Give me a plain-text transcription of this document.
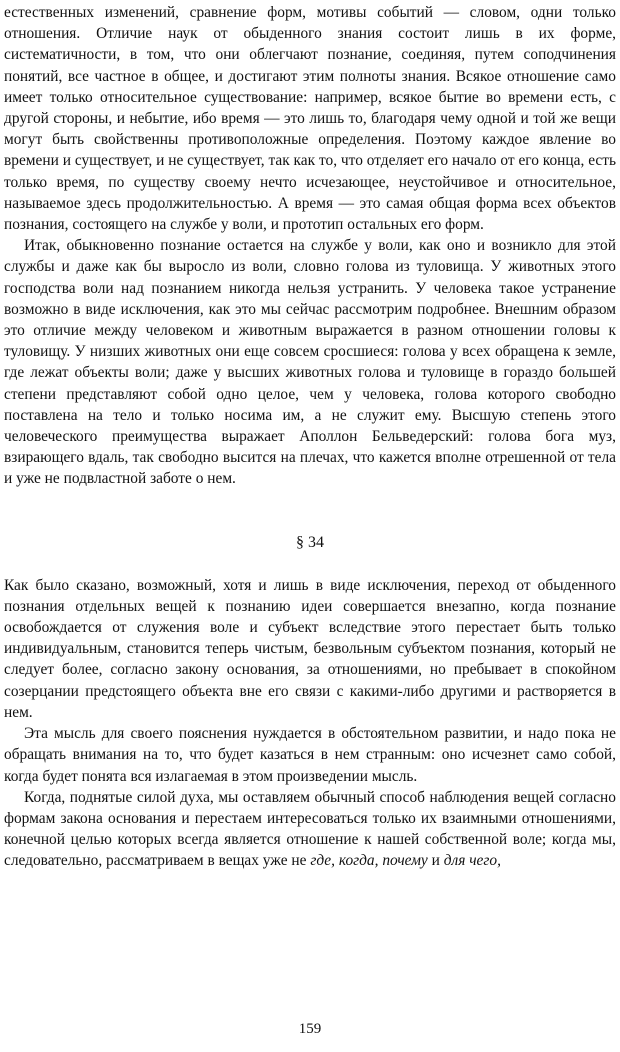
естественных изменений, сравнение форм, мотивы событий — словом, одни только отношения. Отличие наук от обыденного знания состоит лишь в их форме, систематичности, в том, что они облегчают познание, соединяя, путем соподчинения понятий, все частное в общее, и достигают этим полноты знания. Всякое отношение само имеет только относительное существование: например, всякое бытие во времени есть, с другой стороны, и небытие, ибо время — это лишь то, благодаря чему одной и той же вещи могут быть свойственны противоположные определения. Поэтому каждое явление во времени и существует, и не существует, так как то, что отделяет его начало от его конца, есть только время, по существу своему нечто исчезающее, неустойчивое и относительное, называемое здесь продолжительностью. А время — это самая общая форма всех объектов познания, состоящего на службе у воли, и прототип остальных его форм.

Итак, обыкновенно познание остается на службе у воли, как оно и возникло для этой службы и даже как бы выросло из воли, словно голова из туловища. У животных этого господства воли над познанием никогда нельзя устранить. У человека такое устранение возможно в виде исключения, как это мы сейчас рассмотрим подробнее. Внешним образом это отличие между человеком и животным выражается в разном отношении головы к туловищу. У низших животных они еще совсем сросшиеся: голова у всех обращена к земле, где лежат объекты воли; даже у высших животных голова и туловище в гораздо большей степени представляют собой одно целое, чем у человека, голова которого свободно поставлена на тело и только носима им, а не служит ему. Высшую степень этого человеческого преимущества выражает Аполлон Бельведерский: голова бога муз, взирающего вдаль, так свободно высится на плечах, что кажется вполне отрешенной от тела и уже не подвластной заботе о нем.

§ 34

Как было сказано, возможный, хотя и лишь в виде исключения, переход от обыденного познания отдельных вещей к познанию идеи совершается внезапно, когда познание освобождается от служения воле и субъект вследствие этого перестает быть только индивидуальным, становится теперь чистым, безвольным субъектом познания, который не следует более, согласно закону основания, за отношениями, но пребывает в спокойном созерцании предстоящего объекта вне его связи с какими-либо другими и растворяется в нем.

Эта мысль для своего пояснения нуждается в обстоятельном развитии, и надо пока не обращать внимания на то, что будет казаться в нем странным: оно исчезнет само собой, когда будет понята вся излагаемая в этом произведении мысль.

Когда, поднятые силой духа, мы оставляем обычный способ наблюдения вещей согласно формам закона основания и перестаем интересоваться только их взаимными отношениями, конечной целью которых всегда является отношение к нашей собственной воле; когда мы, следовательно, рассматриваем в вещах уже не где, когда, почему и для чего,

159
